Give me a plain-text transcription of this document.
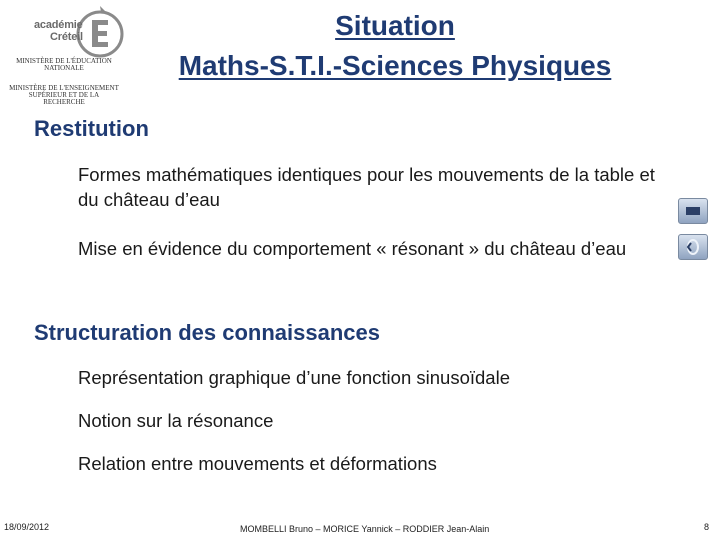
académie
Créteil
MINISTÈRE DE L'ÉDUCATION NATIONALE
MINISTÈRE DE L'ENSEIGNEMENT SUPÉRIEUR ET DE LA RECHERCHE
Situation
Maths-S.T.I.-Sciences Physiques
Restitution
Formes mathématiques identiques pour les mouvements de la table et du château d’eau
Mise en évidence du comportement « résonant » du château d’eau
Structuration des connaissances
Représentation graphique d’une fonction sinusoïdale
Notion sur la résonance
Relation entre mouvements et déformations
18/09/2012	MOMBELLI Bruno – MORICE Yannick – RODDIER Jean-Alain	8
